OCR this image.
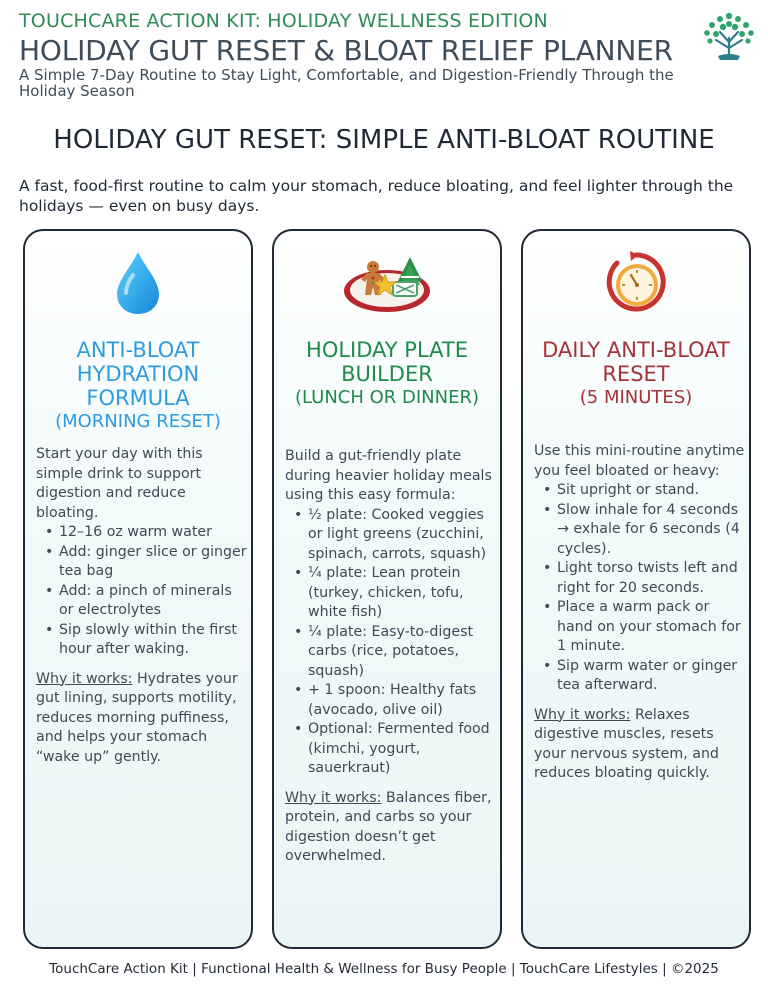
TOUCHCARE ACTION KIT: HOLIDAY WELLNESS EDITION
HOLIDAY GUT RESET & BLOAT RELIEF PLANNER
A Simple 7-Day Routine to Stay Light, Comfortable, and Digestion-Friendly Through the Holiday Season
HOLIDAY GUT RESET: SIMPLE ANTI-BLOAT ROUTINE
A fast, food-first routine to calm your stomach, reduce bloating, and feel lighter through the holidays — even on busy days.
ANTI-BLOAT HYDRATION FORMULA
(MORNING RESET)

Start your day with this simple drink to support digestion and reduce bloating.

• 12–16 oz warm water
• Add: ginger slice or ginger tea bag
• Add: a pinch of minerals or electrolytes
• Sip slowly within the first hour after waking.

Why it works: Hydrates your gut lining, supports motility, reduces morning puffiness, and helps your stomach “wake up” gently.

HOLIDAY PLATE BUILDER
(LUNCH OR DINNER)

Build a gut-friendly plate during heavier holiday meals using this easy formula:

• ½ plate: Cooked veggies or light greens (zucchini, spinach, carrots, squash)
• ¼ plate: Lean protein (turkey, chicken, tofu, white fish)
• ¼ plate: Easy-to-digest carbs (rice, potatoes, squash)
• + 1 spoon: Healthy fats (avocado, olive oil)
• Optional: Fermented food (kimchi, yogurt, sauerkraut)

Why it works: Balances fiber, protein, and carbs so your digestion doesn’t get overwhelmed.

DAILY ANTI-BLOAT RESET
(5 MINUTES)

Use this mini-routine anytime you feel bloated or heavy:

• Sit upright or stand.
• Slow inhale for 4 seconds → exhale for 6 seconds (4 cycles).
• Light torso twists left and right for 20 seconds.
• Place a warm pack or hand on your stomach for 1 minute.
• Sip warm water or ginger tea afterward.

Why it works: Relaxes digestive muscles, resets your nervous system, and reduces bloating quickly.

TouchCare Action Kit | Functional Health & Wellness for Busy People | TouchCare Lifestyles | ©2025
